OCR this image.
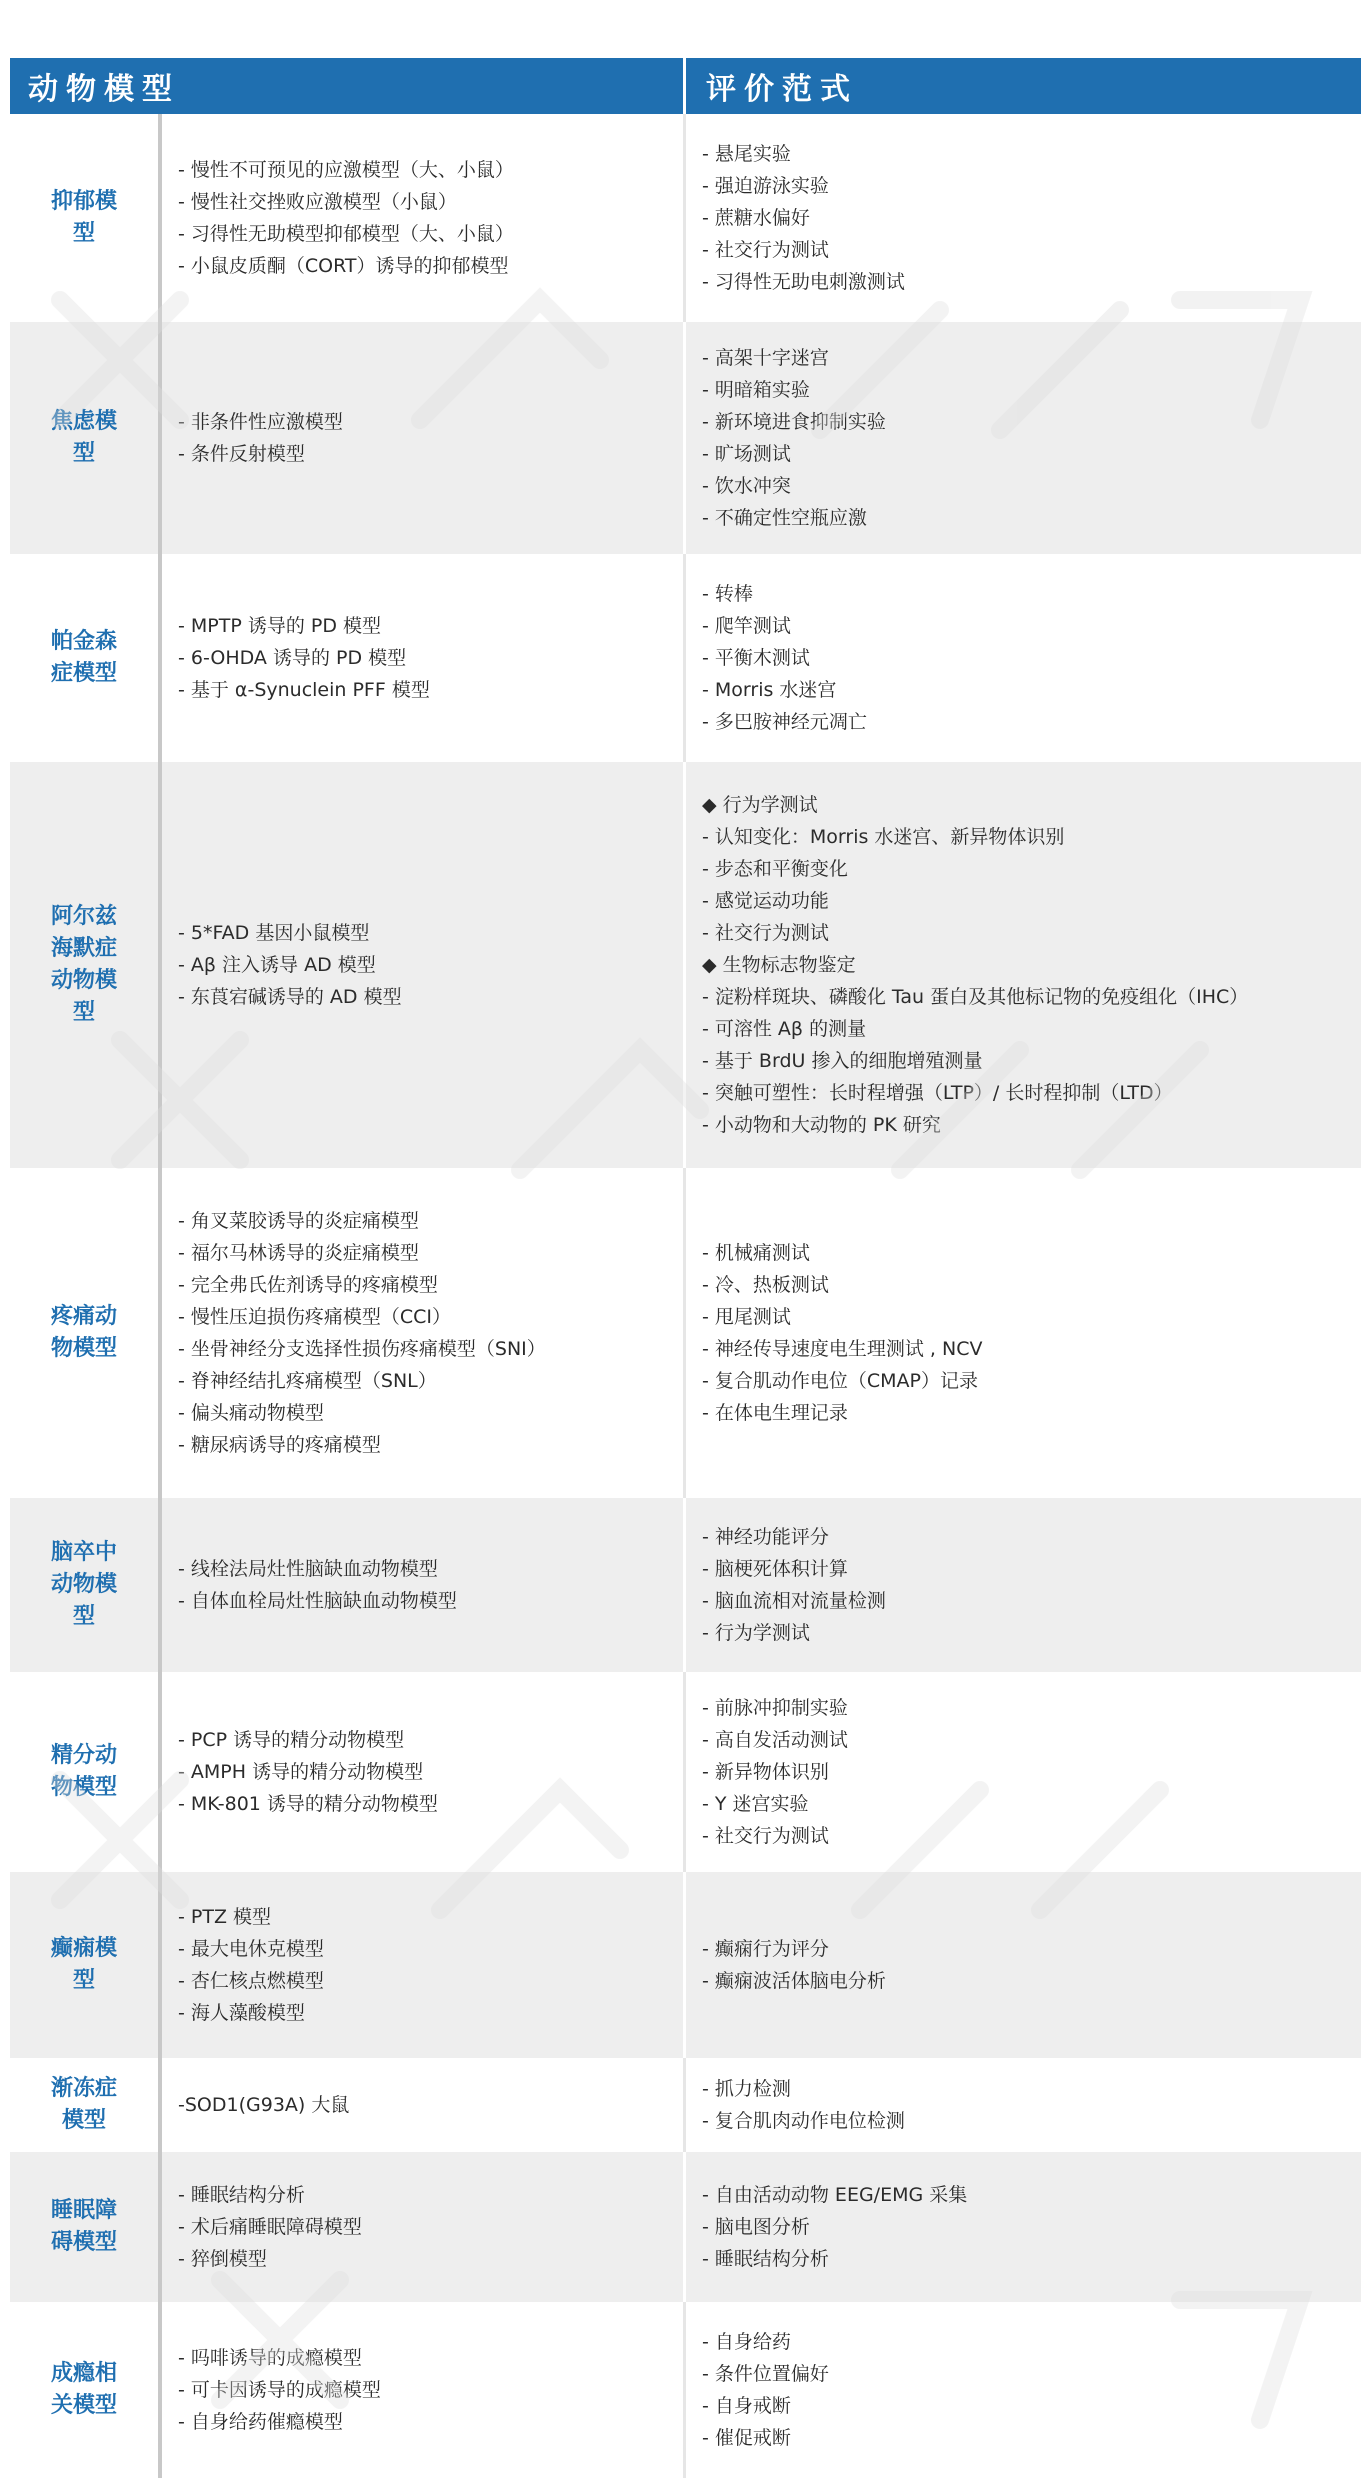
动物模型	评价范式
抑郁模型
- 慢性不可预见的应激模型（大、小鼠）
- 慢性社交挫败应激模型（小鼠）
- 习得性无助模型抑郁模型（大、小鼠）
- 小鼠皮质酮（CORT）诱导的抑郁模型
- 悬尾实验
- 强迫游泳实验
- 蔗糖水偏好
- 社交行为测试
- 习得性无助电刺激测试
焦虑模型
- 非条件性应激模型
- 条件反射模型
- 高架十字迷宫
- 明暗箱实验
- 新环境进食抑制实验
- 旷场测试
- 饮水冲突
- 不确定性空瓶应激
帕金森症模型
- MPTP 诱导的 PD 模型
- 6-OHDA 诱导的 PD 模型
- 基于 α-Synuclein PFF 模型
- 转棒
- 爬竿测试
- 平衡木测试
- Morris 水迷宫
- 多巴胺神经元凋亡
阿尔兹海默症动物模型
- 5*FAD 基因小鼠模型
- Aβ 注入诱导 AD 模型
- 东莨宕碱诱导的 AD 模型
◆ 行为学测试
- 认知变化：Morris 水迷宫、新异物体识别
- 步态和平衡变化
- 感觉运动功能
- 社交行为测试
◆ 生物标志物鉴定
- 淀粉样斑块、磷酸化 Tau 蛋白及其他标记物的免疫组化（IHC）
- 可溶性 Aβ 的测量
- 基于 BrdU 掺入的细胞增殖测量
- 突触可塑性：长时程增强（LTP）/ 长时程抑制（LTD）
- 小动物和大动物的 PK 研究
疼痛动物模型
- 角叉菜胶诱导的炎症痛模型
- 福尔马林诱导的炎症痛模型
- 完全弗氏佐剂诱导的疼痛模型
- 慢性压迫损伤疼痛模型（CCI）
- 坐骨神经分支选择性损伤疼痛模型（SNI）
- 脊神经结扎疼痛模型（SNL）
- 偏头痛动物模型
- 糖尿病诱导的疼痛模型
- 机械痛测试
- 冷、热板测试
- 甩尾测试
- 神经传导速度电生理测试 , NCV
- 复合肌动作电位（CMAP）记录
- 在体电生理记录
脑卒中动物模型
- 线栓法局灶性脑缺血动物模型
- 自体血栓局灶性脑缺血动物模型
- 神经功能评分
- 脑梗死体积计算
- 脑血流相对流量检测
- 行为学测试
精分动物模型
- PCP 诱导的精分动物模型
- AMPH 诱导的精分动物模型
- MK-801 诱导的精分动物模型
- 前脉冲抑制实验
- 高自发活动测试
- 新异物体识别
- Y 迷宫实验
- 社交行为测试
癫痫模型
- PTZ 模型
- 最大电休克模型
- 杏仁核点燃模型
- 海人藻酸模型
- 癫痫行为评分
- 癫痫波活体脑电分析
渐冻症模型
-SOD1(G93A) 大鼠
- 抓力检测
- 复合肌肉动作电位检测
睡眠障碍模型
- 睡眠结构分析
- 术后痛睡眠障碍模型
- 猝倒模型
- 自由活动动物 EEG/EMG 采集
- 脑电图分析
- 睡眠结构分析
成瘾相关模型
- 吗啡诱导的成瘾模型
- 可卡因诱导的成瘾模型
- 自身给药催瘾模型
- 自身给药
- 条件位置偏好
- 自身戒断
- 催促戒断
